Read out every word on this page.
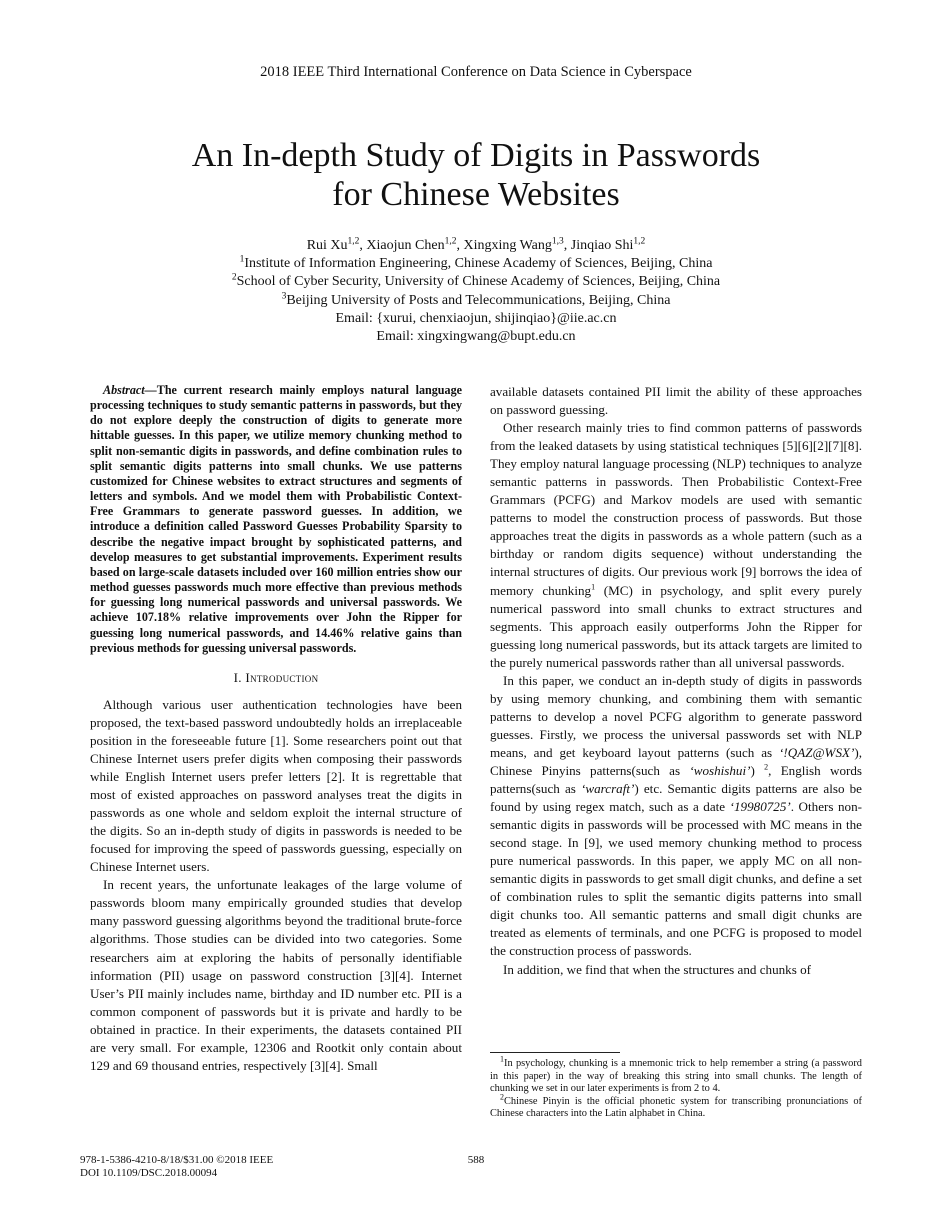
2018 IEEE Third International Conference on Data Science in Cyberspace
An In-depth Study of Digits in Passwords
for Chinese Websites
Rui Xu$^{1,2}$, Xiaojun Chen$^{1,2}$, Xingxing Wang$^{1,3}$, Jinqiao Shi$^{1,2}$
$^1$Institute of Information Engineering, Chinese Academy of Sciences, Beijing, China
$^2$School of Cyber Security, University of Chinese Academy of Sciences, Beijing, China
$^3$Beijing University of Posts and Telecommunications, Beijing, China
Email: {xurui, chenxiaojun, shijinqiao}@iie.ac.cn
Email: xingxingwang@bupt.edu.cn

Abstract—The current research mainly employs natural language processing techniques to study semantic patterns in passwords, but they do not explore deeply the construction of digits to generate more hittable guesses. In this paper, we utilize memory chunking method to split non-semantic digits in passwords, and define combination rules to split semantic digits patterns into small chunks. We use patterns customized for Chinese websites to extract structures and segments of letters and symbols. And we model them with Probabilistic Context-Free Grammars to generate password guesses. In addition, we introduce a definition called Password Guesses Probability Sparsity to describe the negative impact brought by sophisticated patterns, and develop measures to get substantial improvements. Experiment results based on large-scale datasets included over 160 million entries show our method guesses passwords much more effective than previous methods for guessing long numerical passwords and universal passwords. We achieve 107.18% relative improvements over John the Ripper for guessing long numerical passwords, and 14.46% relative gains than previous methods for guessing universal passwords.

I. Introduction

Although various user authentication technologies have been proposed, the text-based password undoubtedly holds an irreplaceable position in the foreseeable future [1]. Some researchers point out that Chinese Internet users prefer digits when composing their passwords while English Internet users prefer letters [2]. It is regrettable that most of existed approaches on password analyses treat the digits in passwords as one whole and seldom exploit the internal structure of the digits. So an in-depth study of digits in passwords is needed to be focused for improving the speed of passwords guessing, especially on Chinese Internet users.

In recent years, the unfortunate leakages of the large volume of passwords bloom many empirically grounded studies that develop many password guessing algorithms beyond the traditional brute-force algorithms. Those studies can be divided into two categories. Some researchers aim at exploring the habits of personally identifiable information (PII) usage on password construction [3][4]. Internet User’s PII mainly includes name, birthday and ID number etc. PII is a common component of passwords but it is private and hardly to be obtained in practice. In their experiments, the datasets contained PII are very small. For example, 12306 and Rootkit only contain about 129 and 69 thousand entries, respectively [3][4]. Small

available datasets contained PII limit the ability of these approaches on password guessing.

Other research mainly tries to find common patterns of passwords from the leaked datasets by using statistical techniques [5][6][2][7][8]. They employ natural language processing (NLP) techniques to analyze semantic patterns in passwords. Then Probabilistic Context-Free Grammars (PCFG) and Markov models are used with semantic patterns to model the construction process of passwords. But those approaches treat the digits in passwords as a whole pattern (such as a birthday or random digits sequence) without understanding the internal structures of digits. Our previous work [9] borrows the idea of memory chunking$^1$ (MC) in psychology, and split every purely numerical password into small chunks to extract structures and segments. This approach easily outperforms John the Ripper for guessing long numerical passwords, but its attack targets are limited to the purely numerical passwords rather than all universal passwords.

In this paper, we conduct an in-depth study of digits in passwords by using memory chunking, and combining them with semantic patterns to develop a novel PCFG algorithm to generate password guesses. Firstly, we process the universal passwords set with NLP means, and get keyboard layout patterns (such as ‘!QAZ@WSX’), Chinese Pinyins patterns(such as ‘woshishui’) $^2$, English words patterns(such as ‘warcraft’) etc. Semantic digits patterns are also be found by using regex match, such as a date ‘19980725’. Others non-semantic digits in passwords will be processed with MC means in the second stage. In [9], we used memory chunking method to process pure numerical passwords. In this paper, we apply MC on all non-semantic digits in passwords to get small digit chunks, and define a set of combination rules to split the semantic digits patterns into small digit chunks too. All semantic patterns and small digit chunks are treated as elements of terminals, and one PCFG is proposed to model the construction process of passwords.

In addition, we find that when the structures and chunks of

$^1$In psychology, chunking is a mnemonic trick to help remember a string (a password in this paper) in the way of breaking this string into small chunks. The length of chunking we set in our later experiments is from 2 to 4.

$^2$Chinese Pinyin is the official phonetic system for transcribing pronunciations of Chinese characters into the Latin alphabet in China.

978-1-5386-4210-8/18/$31.00 ©2018 IEEE
DOI 10.1109/DSC.2018.00094
588
